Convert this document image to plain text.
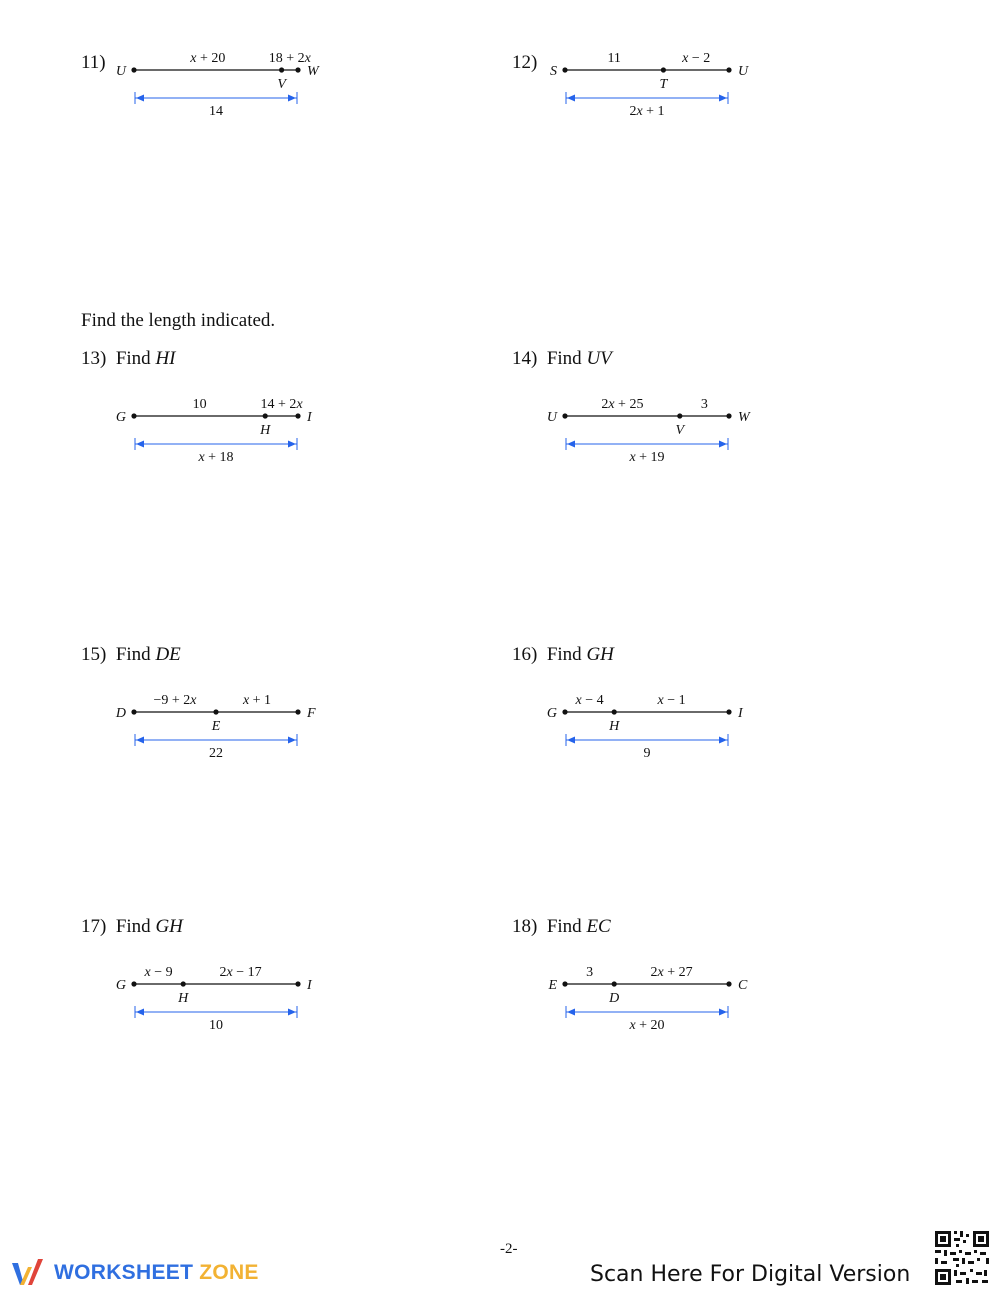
11)	12)
Find the length indicated.
13) Find HI	14) Find UV
15) Find DE	16) Find GH
17) Find GH	18) Find EC
U	W
V
x + 20	18 + 2x
14
S	U
T
11	x − 2
2x + 1
G	I
H
10	14 + 2x
x + 18
U	W
V
2x + 25	3
x + 19
D	F
E
−9 + 2x	x + 1
22
G	I
H
x − 4	x − 1
9
G	I
H
x − 9	2x − 17
10
E	C
D
3	2x + 27
x + 20
-2-
WORKSHEET ZONE	Scan Here For Digital Version
